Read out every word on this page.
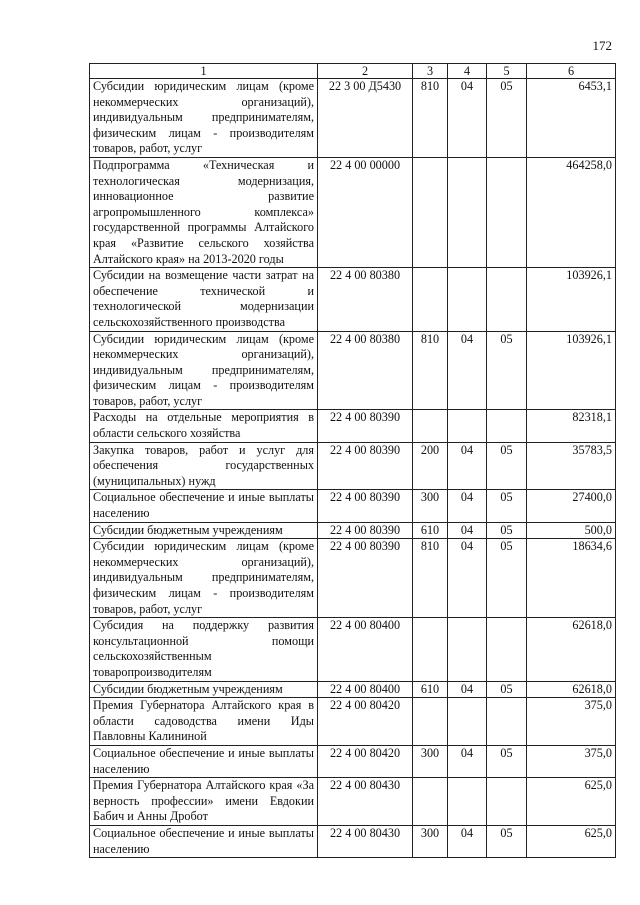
172
1	2	3	4	5	6
Субсидии юридическим лицам (кроме некоммерческих организаций), индивидуальным предпринимателям, физическим лицам - производителям товаров, работ, услуг	22 3 00 Д5430	810	04	05	6453,1
Подпрограмма «Техническая и технологическая модернизация, инновационное развитие агропромышленного комплекса» государственной программы Алтайского края «Развитие сельского хозяйства Алтайского края» на 2013-2020 годы	22 4 00 00000				464258,0
Субсидии на возмещение части затрат на обеспечение технической и технологической модернизации сельскохозяйственного производства	22 4 00 80380				103926,1
Субсидии юридическим лицам (кроме некоммерческих организаций), индивидуальным предпринимателям, физическим лицам - производителям товаров, работ, услуг	22 4 00 80380	810	04	05	103926,1
Расходы на отдельные мероприятия в области сельского хозяйства	22 4 00 80390				82318,1
Закупка товаров, работ и услуг для обеспечения государственных (муниципальных) нужд	22 4 00 80390	200	04	05	35783,5
Социальное обеспечение и иные выплаты населению	22 4 00 80390	300	04	05	27400,0
Субсидии бюджетным учреждениям	22 4 00 80390	610	04	05	500,0
Субсидии юридическим лицам (кроме некоммерческих организаций), индивидуальным предпринимателям, физическим лицам - производителям товаров, работ, услуг	22 4 00 80390	810	04	05	18634,6
Субсидия на поддержку развития консультационной помощи сельскохозяйственным товаропроизводителям	22 4 00 80400				62618,0
Субсидии бюджетным учреждениям	22 4 00 80400	610	04	05	62618,0
Премия Губернатора Алтайского края в области садоводства имени Иды Павловны Калининой	22 4 00 80420				375,0
Социальное обеспечение и иные выплаты населению	22 4 00 80420	300	04	05	375,0
Премия Губернатора Алтайского края «За верность профессии» имени Евдокии Бабич и Анны Дробот	22 4 00 80430				625,0
Социальное обеспечение и иные выплаты населению	22 4 00 80430	300	04	05	625,0
